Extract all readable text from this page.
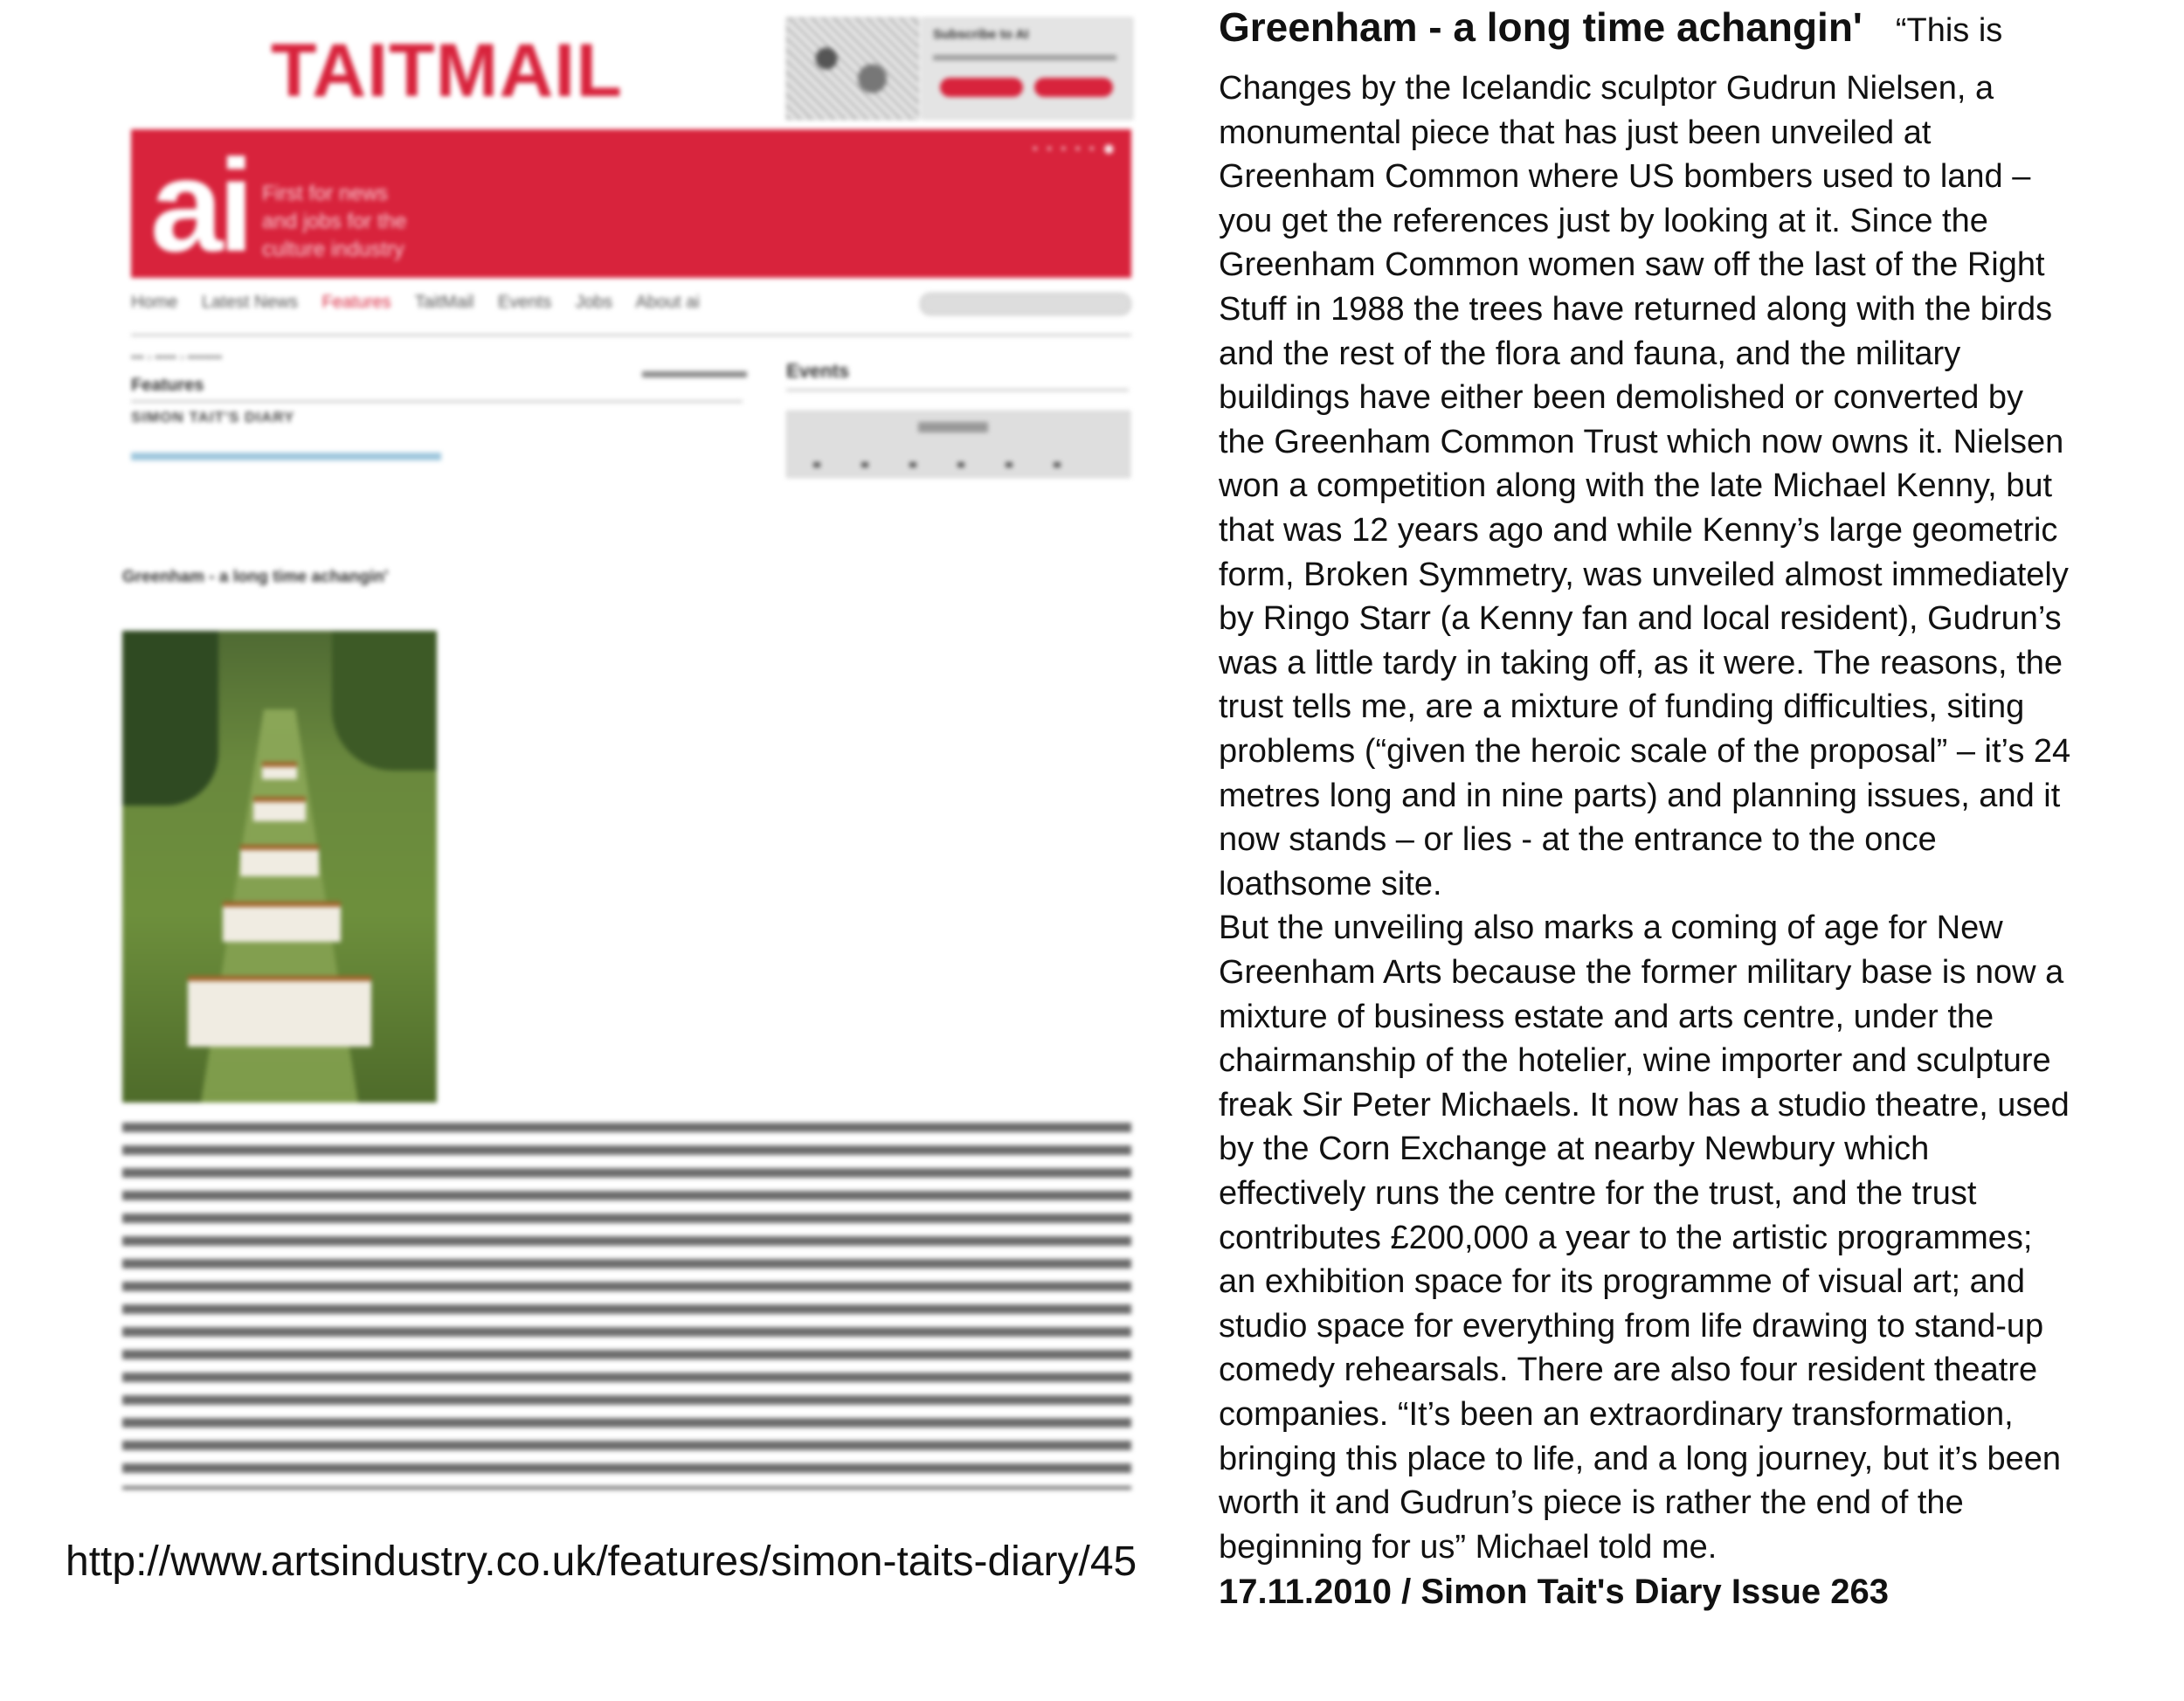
TAITMAIL	Subscribe to AI
ai First for news
and jobs for the
culture industry
▪ ▪ ▪ ▪ ▪ ◉
Home Latest News Features TaitMail Events Jobs About ai
▪▪▪ › ▪▪▪▪▪ › ▪▪▪▪▪▪▪▪
Features
SIMON TAIT'S DIARY
Events
Greenham - a long time achangin'
http://www.artsindustry.co.uk/features/simon-taits-diary/45
Greenham - a long time achangin' “This is
Changes by the Icelandic sculptor Gudrun Nielsen, a
monumental piece that has just been unveiled at
Greenham Common where US bombers used to land –
you get the references just by looking at it. Since the
Greenham Common women saw off the last of the Right
Stuff in 1988 the trees have returned along with the birds
and the rest of the flora and fauna, and the military
buildings have either been demolished or converted by
the Greenham Common Trust which now owns it. Nielsen
won a competition along with the late Michael Kenny, but
that was 12 years ago and while Kenny’s large geometric
form, Broken Symmetry, was unveiled almost immediately
by Ringo Starr (a Kenny fan and local resident), Gudrun’s
was a little tardy in taking off, as it were. The reasons, the
trust tells me, are a mixture of funding difficulties, siting
problems (“given the heroic scale of the proposal” – it’s 24
metres long and in nine parts) and planning issues, and it
now stands – or lies - at the entrance to the once
loathsome site.
But the unveiling also marks a coming of age for New
Greenham Arts because the former military base is now a
mixture of business estate and arts centre, under the
chairmanship of the hotelier, wine importer and sculpture
freak Sir Peter Michaels. It now has a studio theatre, used
by the Corn Exchange at nearby Newbury which
effectively runs the centre for the trust, and the trust
contributes £200,000 a year to the artistic programmes;
an exhibition space for its programme of visual art; and
studio space for everything from life drawing to stand-up
comedy rehearsals. There are also four resident theatre
companies. “It’s been an extraordinary transformation,
bringing this place to life, and a long journey, but it’s been
worth it and Gudrun’s piece is rather the end of the
beginning for us” Michael told me.
17.11.2010 / Simon Tait's Diary Issue 263
